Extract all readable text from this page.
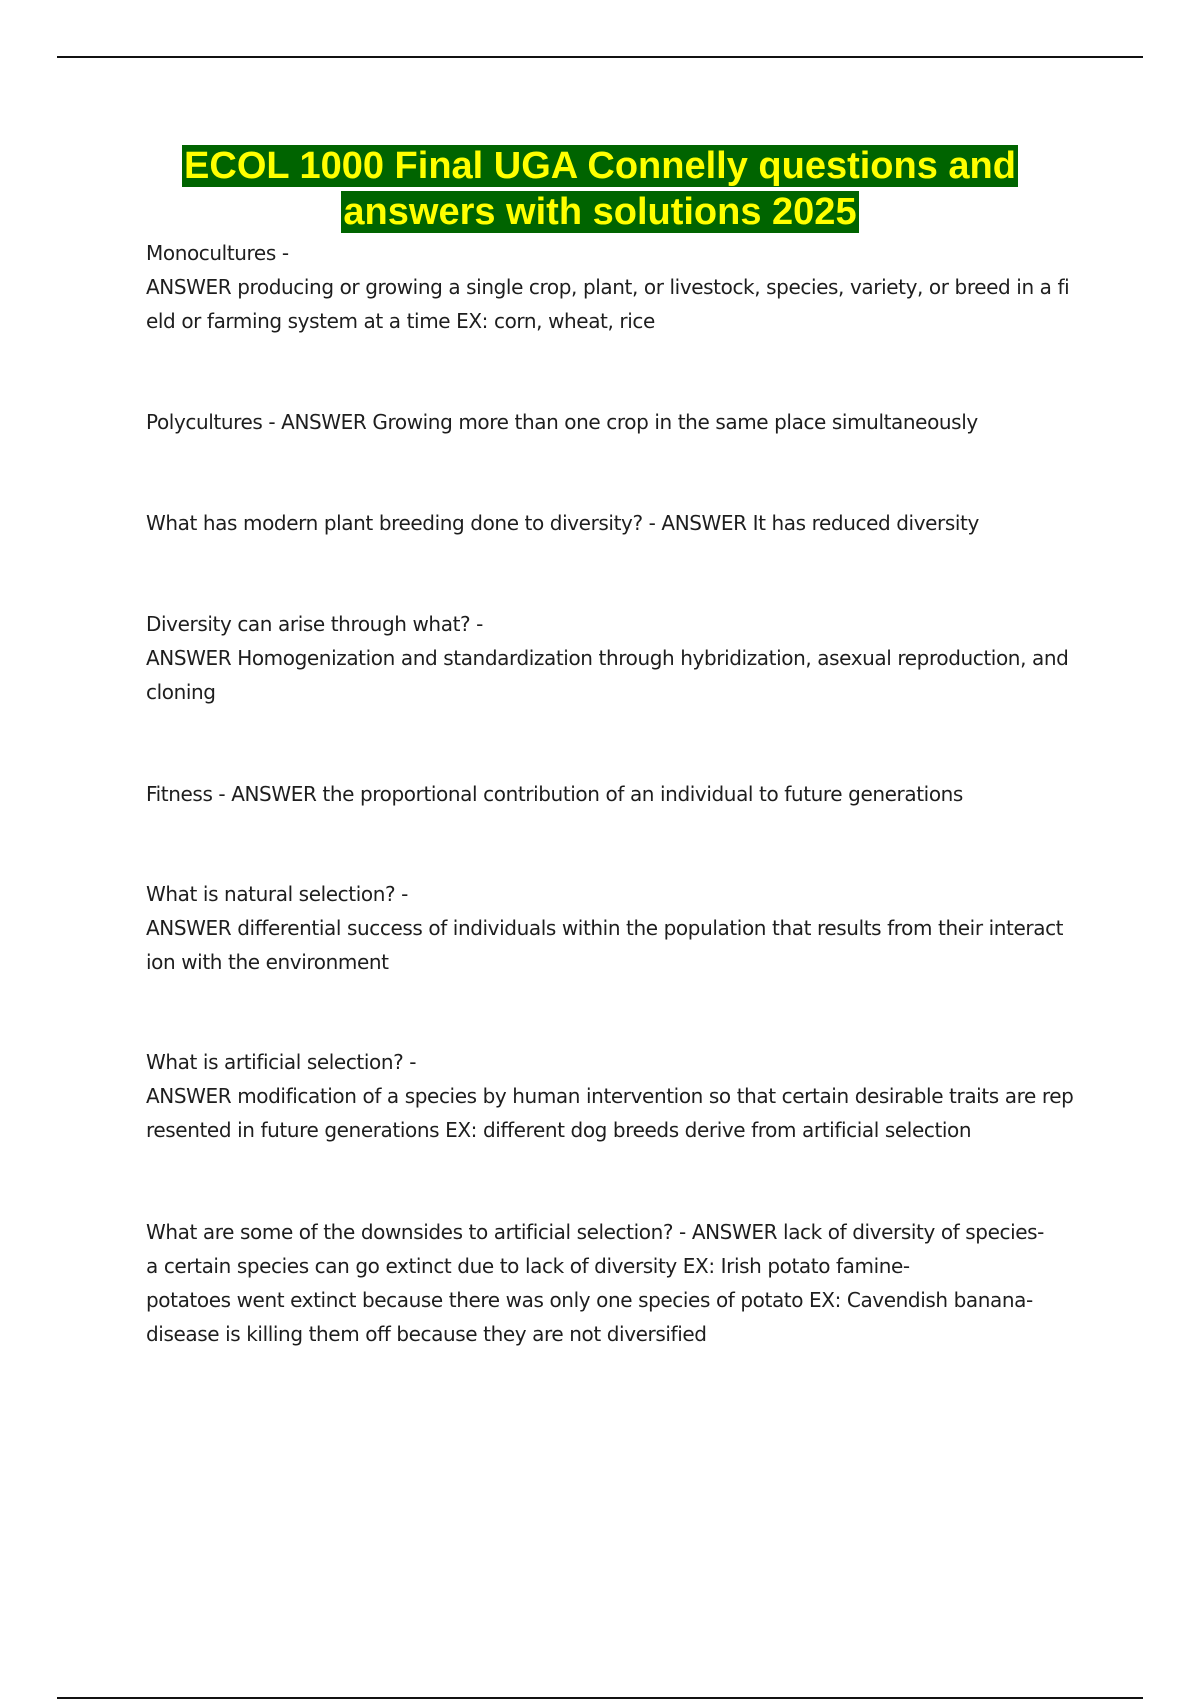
ECOL 1000 Final UGA Connelly questions and
answers with solutions 2025
Monocultures -
ANSWER producing or growing a single crop, plant, or livestock, species, variety, or breed in a fi
eld or farming system at a time EX: corn, wheat, rice
Polycultures - ANSWER Growing more than one crop in the same place simultaneously
What has modern plant breeding done to diversity? - ANSWER It has reduced diversity
Diversity can arise through what? -
ANSWER Homogenization and standardization through hybridization, asexual reproduction, and
cloning
Fitness - ANSWER the proportional contribution of an individual to future generations
What is natural selection? -
ANSWER differential success of individuals within the population that results from their interact
ion with the environment
What is artificial selection? -
ANSWER modification of a species by human intervention so that certain desirable traits are rep
resented in future generations EX: different dog breeds derive from artificial selection
What are some of the downsides to artificial selection? - ANSWER lack of diversity of species-
a certain species can go extinct due to lack of diversity EX: Irish potato famine-
potatoes went extinct because there was only one species of potato EX: Cavendish banana-
disease is killing them off because they are not diversified
